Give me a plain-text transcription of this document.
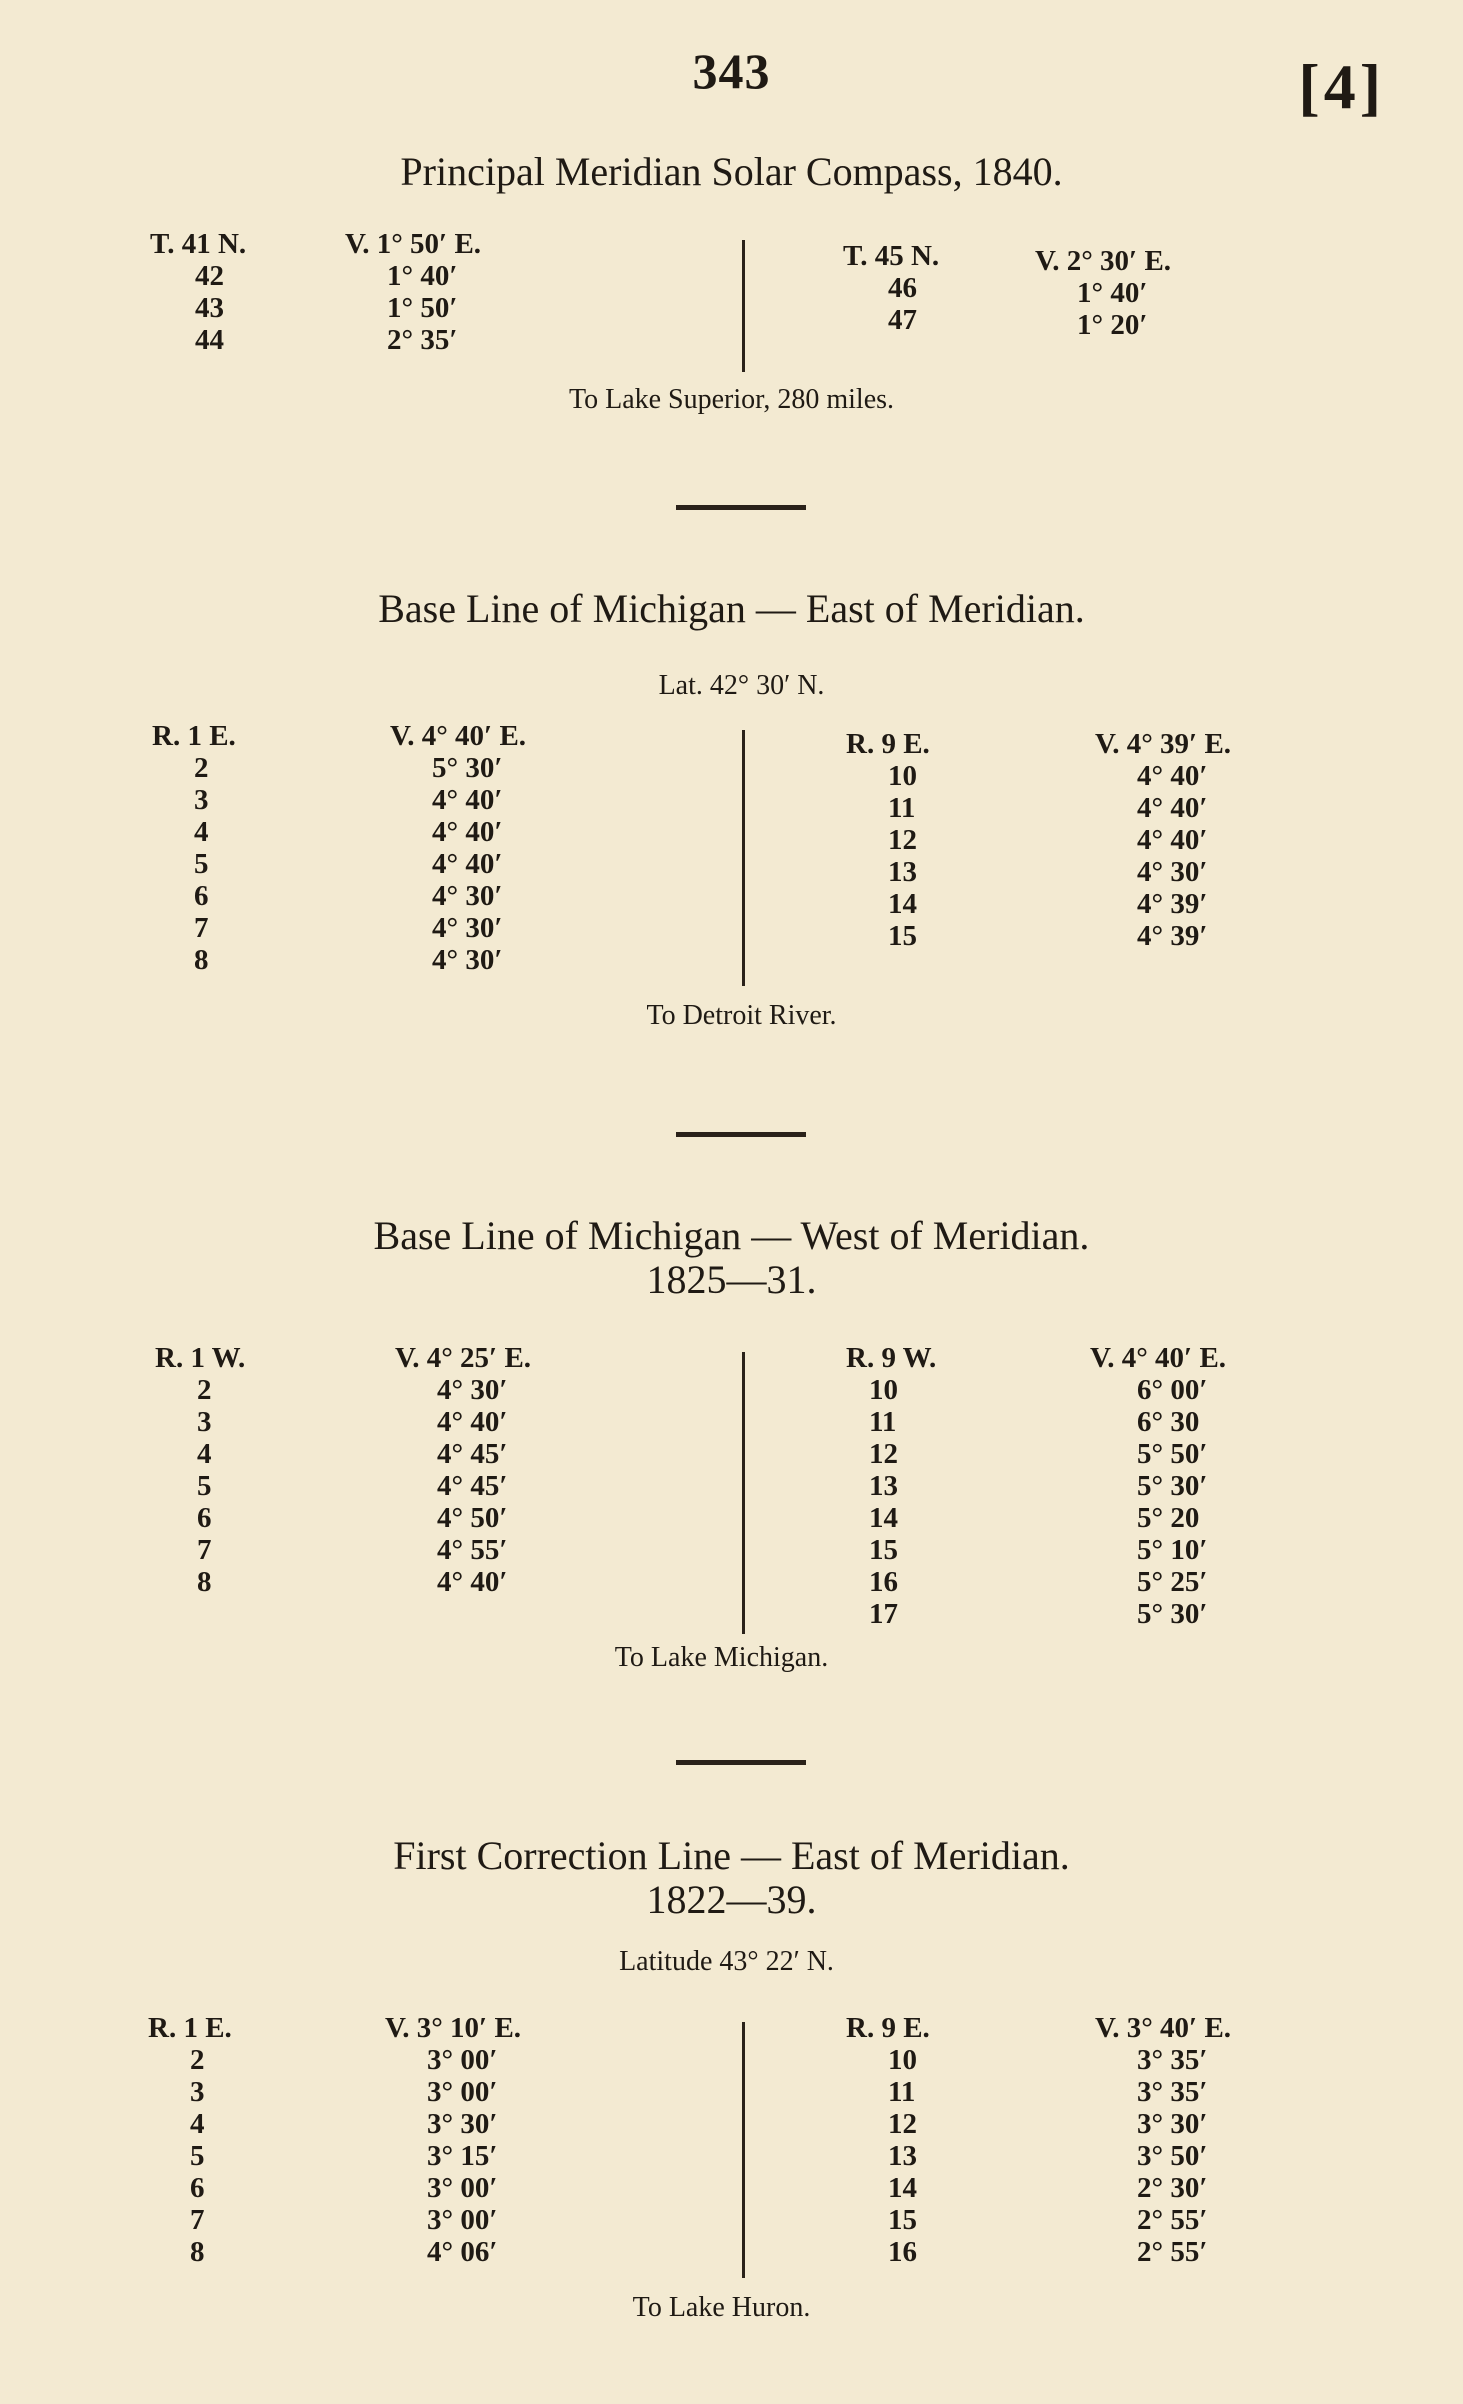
343	[4]
Principal Meridian Solar Compass, 1840.
T. 41 N.
42
43
44
V. 1° 50′ E.
1° 40′
1° 50′
2° 35′
T. 45 N.
46
47
V. 2° 30′ E.
1° 40′
1° 20′
To Lake Superior, 280 miles.
Base Line of Michigan — East of Meridian.
Lat. 42° 30′ N.
R. 1 E.
2
3
4
5
6
7
8
V. 4° 40′ E.
5° 30′
4° 40′
4° 40′
4° 40′
4° 30′
4° 30′
4° 30′
R. 9 E.
10
11
12
13
14
15
V. 4° 39′ E.
4° 40′
4° 40′
4° 40′
4° 30′
4° 39′
4° 39′
To Detroit River.
Base Line of Michigan — West of Meridian.
1825—31.
R. 1 W.
2
3
4
5
6
7
8
V. 4° 25′ E.
4° 30′
4° 40′
4° 45′
4° 45′
4° 50′
4° 55′
4° 40′
R. 9 W.
10
11
12
13
14
15
16
17
V. 4° 40′ E.
6° 00′
6° 30
5° 50′
5° 30′
5° 20
5° 10′
5° 25′
5° 30′
To Lake Michigan.
First Correction Line — East of Meridian.
1822—39.
Latitude 43° 22′ N.
R. 1 E.
2
3
4
5
6
7
8
V. 3° 10′ E.
3° 00′
3° 00′
3° 30′
3° 15′
3° 00′
3° 00′
4° 06′
R. 9 E.
10
11
12
13
14
15
16
V. 3° 40′ E.
3° 35′
3° 35′
3° 30′
3° 50′
2° 30′
2° 55′
2° 55′
To Lake Huron.
